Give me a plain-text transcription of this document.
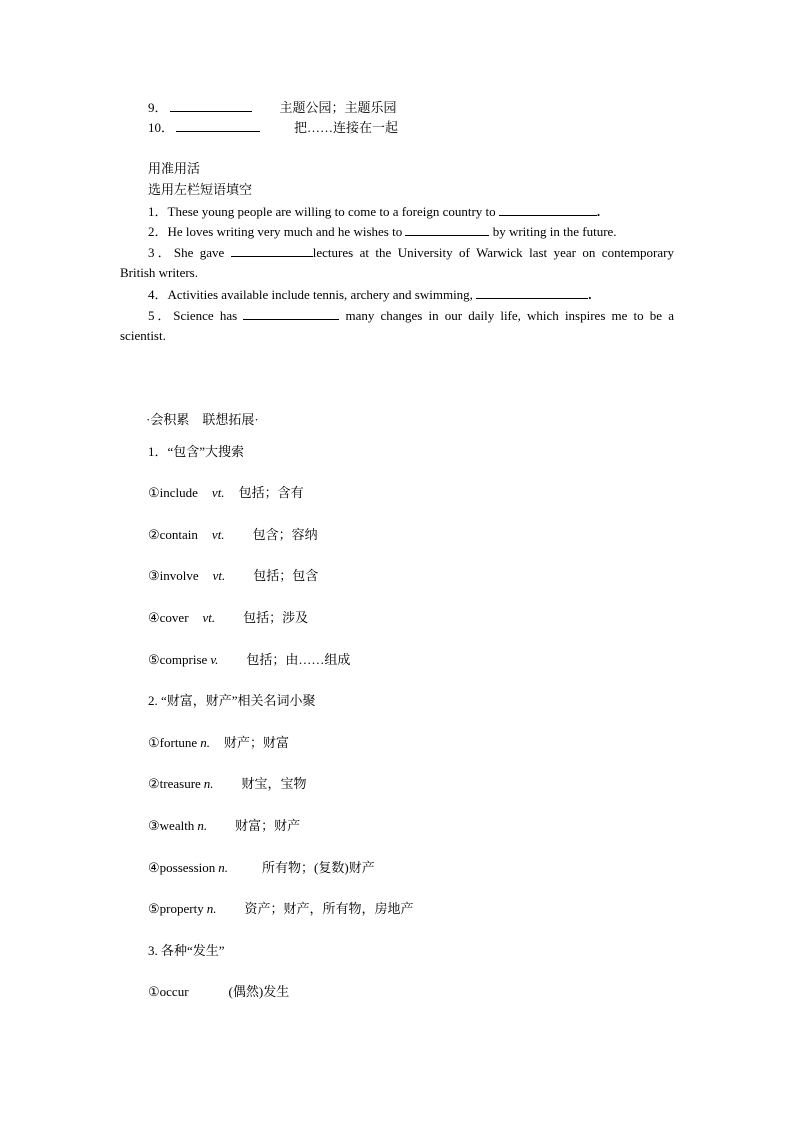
9．	主题公园；主题乐园
10．	把……连接在一起
用准用活
选用左栏短语填空
1．These young people are willing to come to a foreign country to	.
2．He loves writing very much and he wishes to	by writing in the future.
3．She gave	lectures at the University of Warwick last year on contemporary
British writers.
4．Activities available include tennis, archery and swimming,	.
5．Science has	many changes in our daily life, which inspires me to be a
scientist.
·会积累　联想拓展·
1．“包含”大搜索
①include vt. 包括；含有
②contain vt. 包含；容纳
③involve vt. 包括；包含
④cover vt. 包括；涉及
⑤comprise v. 包括；由……组成
2. “财富，财产”相关名词小聚
①fortune n. 财产；财富
②treasure n. 财宝，宝物
③wealth n. 财富；财产
④possession n.	所有物；(复数)财产
⑤property n. 资产；财产，所有物，房地产
3. 各种“发生”
①occur	(偶然)发生
